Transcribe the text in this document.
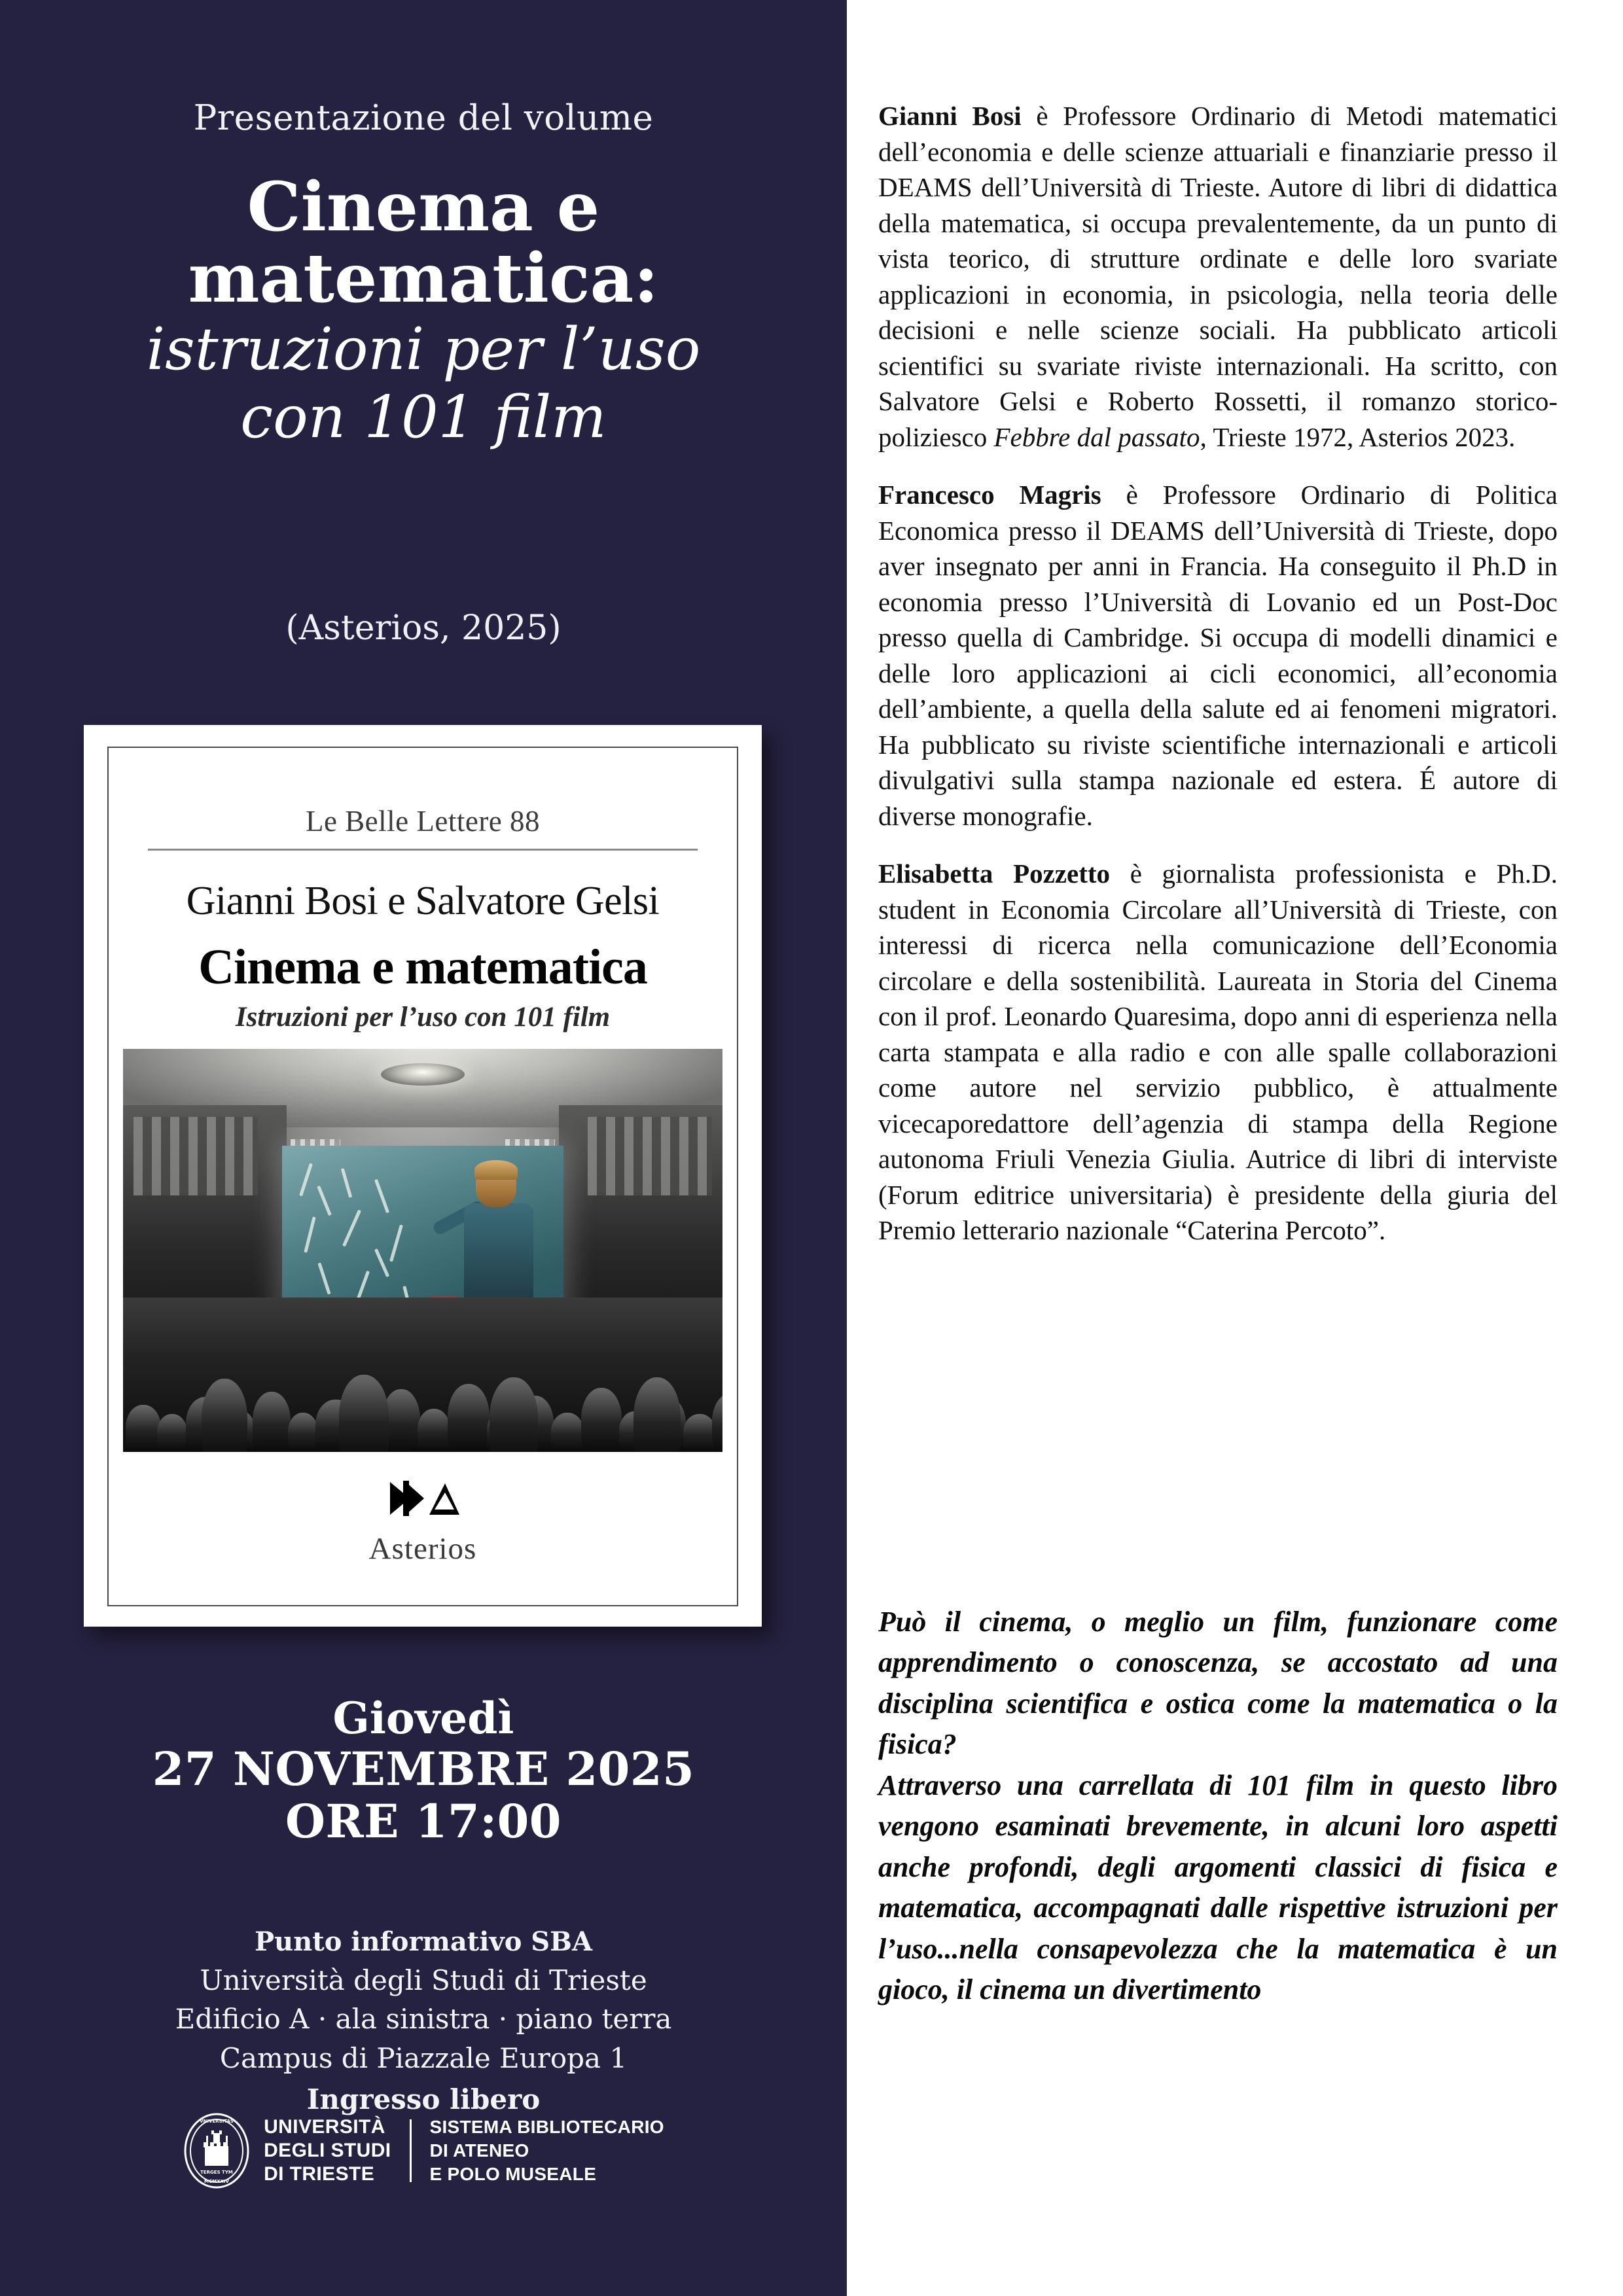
Presentazione del volume
Cinema e
matematica:
istruzioni per l’uso
con 101 film
(Asterios, 2025)
Le Belle Lettere 88
Gianni Bosi e Salvatore Gelsi
Cinema e matematica
Istruzioni per l’uso con 101 film
Asterios
Giovedì
27 NOVEMBRE 2025
ORE 17:00
Punto informativo SBA
Università degli Studi di Trieste
Edificio A · ala sinistra · piano terra
Campus di Piazzale Europa 1
Ingresso libero
VNIVERSITAS
TERGES TYM
MCMXXIV
UNIVERSITÀ
DEGLI STUDI
DI TRIESTE
SISTEMA BIBLIOTECARIO
DI ATENEO
E POLO MUSEALE

Gianni Bosi è Professore Ordinario di Metodi matematici dell’economia e delle scienze attuariali e finanziarie presso il DEAMS dell’Università di Trieste. Autore di libri di didattica della matematica, si occupa prevalentemente, da un punto di vista teorico, di strutture ordinate e delle loro svariate applicazioni in economia, in psicologia, nella teoria delle decisioni e nelle scienze sociali. Ha pubblicato articoli scientifici su svariate riviste internazionali. Ha scritto, con Salvatore Gelsi e Roberto Rossetti, il romanzo storico-poliziesco Febbre dal passato, Trieste 1972, Asterios 2023.

Francesco Magris è Professore Ordinario di Politica Economica presso il DEAMS dell’Università di Trieste, dopo aver insegnato per anni in Francia. Ha conseguito il Ph.D in economia presso l’Università di Lovanio ed un Post-Doc presso quella di Cambridge. Si occupa di modelli dinamici e delle loro applicazioni ai cicli economici, all’economia dell’ambiente, a quella della salute ed ai fenomeni migratori. Ha pubblicato su riviste scientifiche internazionali e articoli divulgativi sulla stampa nazionale ed estera. É autore di diverse monografie.

Elisabetta Pozzetto è giornalista professionista e Ph.D. student in Economia Circolare all’Università di Trieste, con interessi di ricerca nella comunicazione dell’Economia circolare e della sostenibilità. Laureata in Storia del Cinema con il prof. Leonardo Quaresima, dopo anni di esperienza nella carta stampata e alla radio e con alle spalle collaborazioni come autore nel servizio pubblico, è attualmente vicecaporedattore dell’agenzia di stampa della Regione autonoma Friuli Venezia Giulia. Autrice di libri di interviste (Forum editrice universitaria) è presidente della giuria del Premio letterario nazionale “Caterina Percoto”.

Può il cinema, o meglio un film, funzionare come apprendimento o conoscenza, se accostato ad una disciplina scientifica e ostica come la matematica o la fisica?

Attraverso una carrellata di 101 film in questo libro vengono esaminati brevemente, in alcuni loro aspetti anche profondi, degli argomenti classici di fisica e matematica, accompagnati dalle rispettive istruzioni per l’uso...nella consapevolezza che la matematica è un gioco, il cinema un divertimento
